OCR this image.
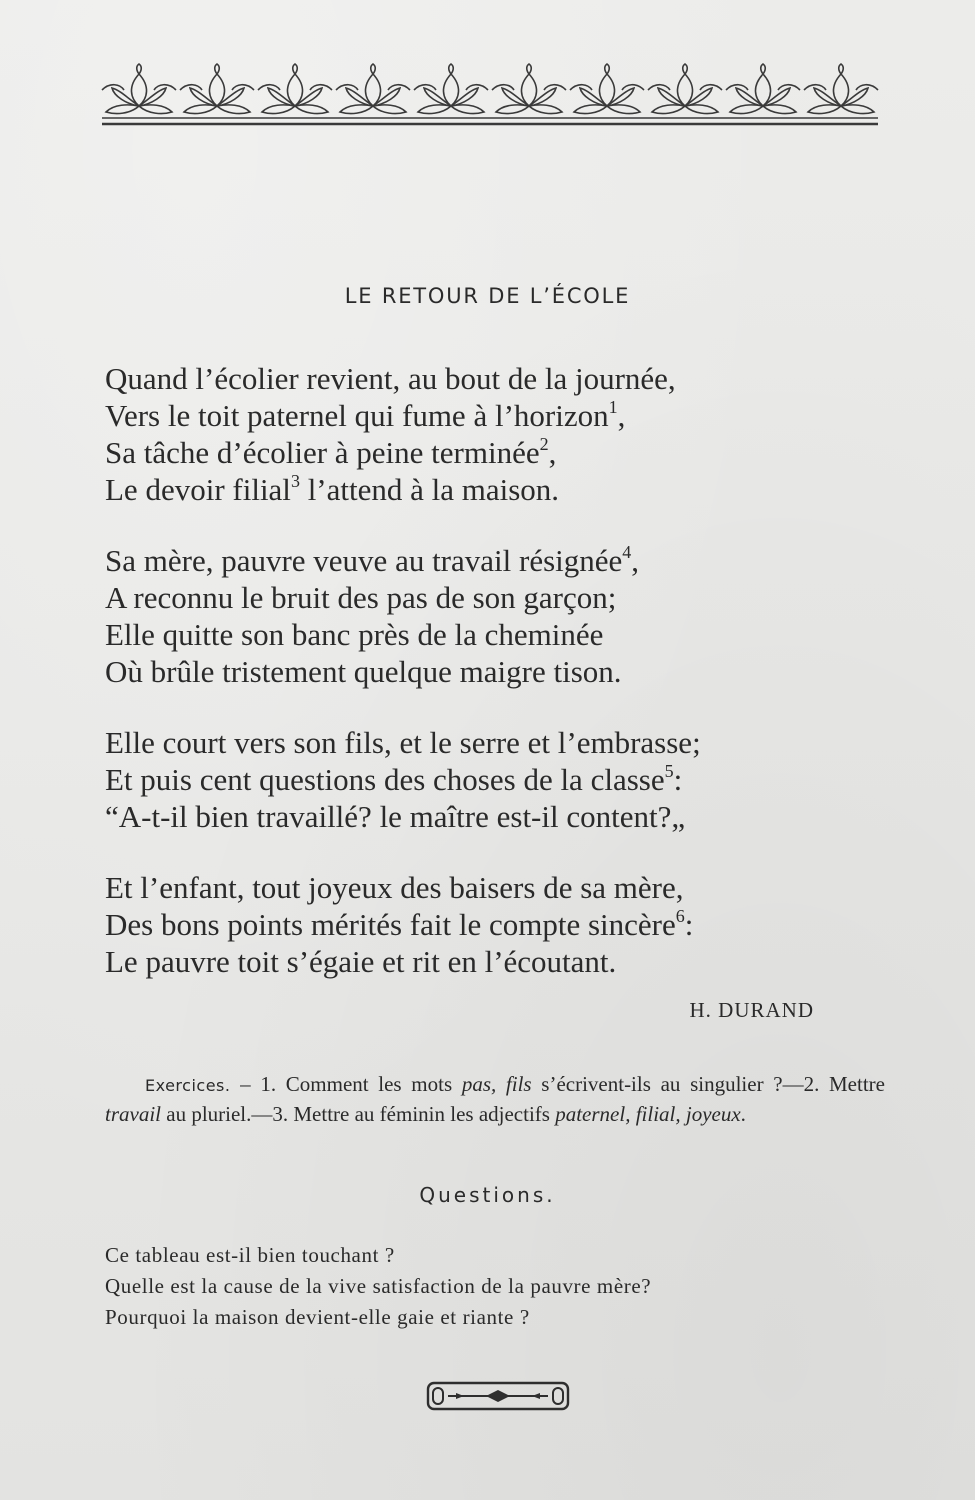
LE RETOUR DE L’ÉCOLE
Quand l’écolier revient, au bout de la journée,
Vers le toit paternel qui fume à l’horizon$^1$,
Sa tâche d’écolier à peine terminée$^2$,
Le devoir filial$^3$ l’attend à la maison.
Sa mère, pauvre veuve au travail résignée$^4$,
A reconnu le bruit des pas de son garçon;
Elle quitte son banc près de la cheminée
Où brûle tristement quelque maigre tison.
Elle court vers son fils, et le serre et l’embrasse;
Et puis cent questions des choses de la classe$^5$:
“A-t-il bien travaillé? le maître est-il content?„
Et l’enfant, tout joyeux des baisers de sa mère,
Des bons points mérités fait le compte sincère$^6$:
Le pauvre toit s’égaie et rit en l’écoutant.
H. DURAND
Exercices. – 1. Comment les mots pas, fils s’écrivent-ils au singulier ?—2. Mettre travail au pluriel.—3. Mettre au féminin les adjectifs paternel, filial, joyeux.
Questions.
Ce tableau est-il bien touchant ?
Quelle est la cause de la vive satisfaction de la pauvre mère?
Pourquoi la maison devient-elle gaie et riante ?
